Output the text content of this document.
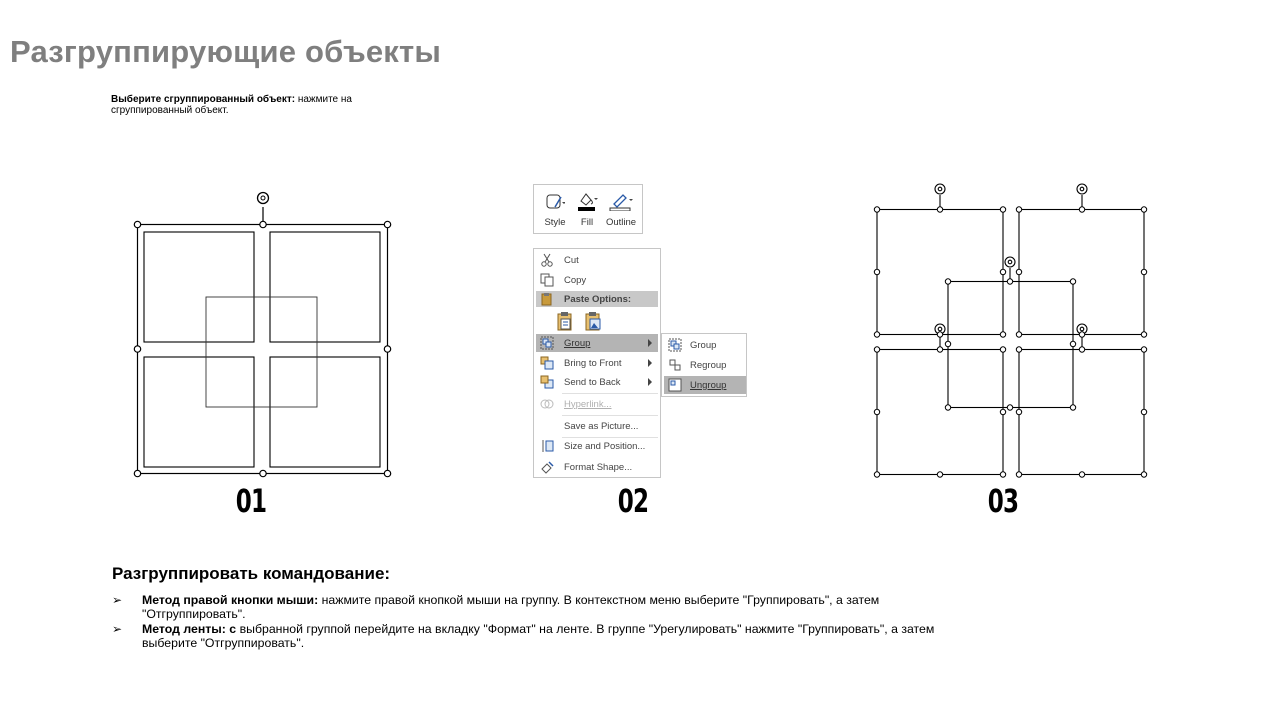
Разгруппирующие объекты
Выберите сгруппированный объект: нажмите на сгруппированный объект.
01
Style	Fill	Outline
Cut
Copy
Paste Options:
Group
Bring to Front
Send to Back
Hyperlink...
Save as Picture...
Size and Position...
Format Shape...
Group
Regroup
Ungroup
02	03
Разгруппировать командование:
➢ Метод правой кнопки мыши: нажмите правой кнопкой мыши на группу. В контекстном меню выберите "Группировать", а затем "Отгруппировать".
➢ Метод ленты: с выбранной группой перейдите на вкладку "Формат" на ленте. В группе "Урегулировать" нажмите "Группировать", а затем выберите "Отгруппировать".
